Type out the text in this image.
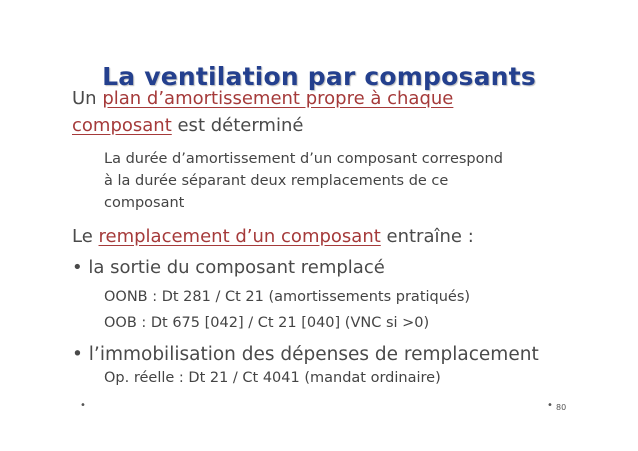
La ventilation par composants
Un plan d’amortissement propre à chaque
composant est déterminé
La durée d’amortissement d’un composant correspond
à la durée séparant deux remplacements de ce
composant
Le remplacement d’un composant entraîne :
• la sortie du composant remplacé
OONB : Dt 281 / Ct 21 (amortissements pratiqués)
OOB : Dt 675 [042] / Ct 21 [040] (VNC si >0)
• l’immobilisation des dépenses de remplacement
Op. réelle : Dt 21 / Ct 4041 (mandat ordinaire)
•	• 80
